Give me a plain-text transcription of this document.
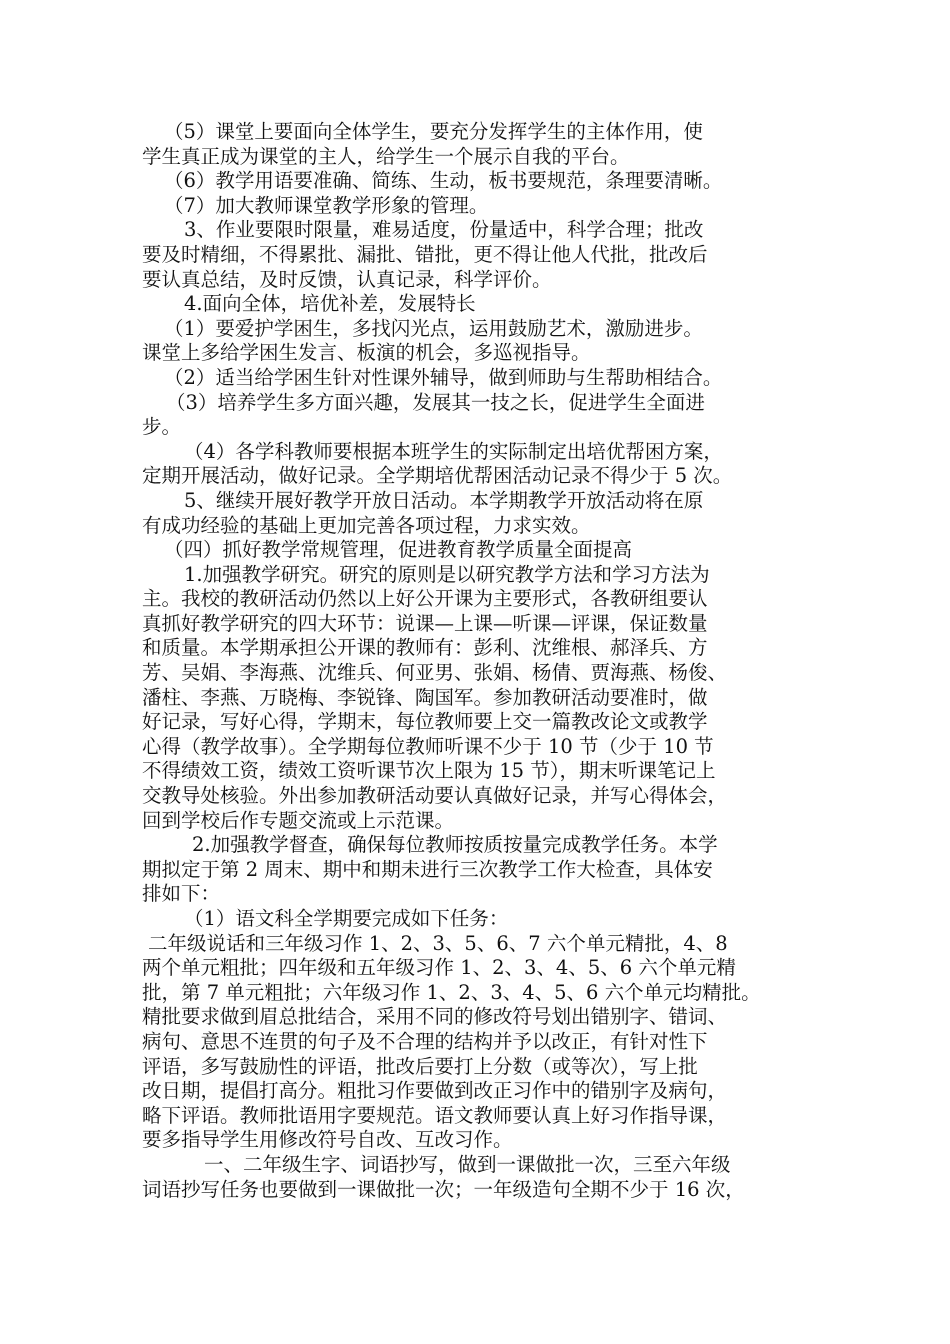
（5）课堂上要面向全体学生，要充分发挥学生的主体作用，使
学生真正成为课堂的主人，给学生一个展示自我的平台。
（6）教学用语要准确、简练、生动，板书要规范，条理要清晰。
（7）加大教师课堂教学形象的管理。
3、作业要限时限量，难易适度，份量适中，科学合理；批改
要及时精细，不得累批、漏批、错批，更不得让他人代批，批改后
要认真总结，及时反馈，认真记录，科学评价。
4.面向全体，培优补差，发展特长
（1）要爱护学困生，多找闪光点，运用鼓励艺术，激励进步。
课堂上多给学困生发言、板演的机会，多巡视指导。
（2）适当给学困生针对性课外辅导，做到师助与生帮助相结合。
（3）培养学生多方面兴趣，发展其一技之长，促进学生全面进
步。
（4）各学科教师要根据本班学生的实际制定出培优帮困方案，
定期开展活动，做好记录。全学期培优帮困活动记录不得少于 5 次。
5、继续开展好教学开放日活动。本学期教学开放活动将在原
有成功经验的基础上更加完善各项过程，力求实效。
（四）抓好教学常规管理，促进教育教学质量全面提高
1.加强教学研究。研究的原则是以研究教学方法和学习方法为
主。我校的教研活动仍然以上好公开课为主要形式，各教研组要认
真抓好教学研究的四大环节：说课—上课—听课—评课，保证数量
和质量。本学期承担公开课的教师有：彭利、沈维根、郝泽兵、方
芳、吴娟、李海燕、沈维兵、何亚男、张娟、杨倩、贾海燕、杨俊、
潘柱、李燕、万晓梅、李锐锋、陶国军。参加教研活动要准时，做
好记录，写好心得，学期末，每位教师要上交一篇教改论文或教学
心得（教学故事）。全学期每位教师听课不少于 10 节（少于 10 节
不得绩效工资，绩效工资听课节次上限为 15 节），期末听课笔记上
交教导处核验。外出参加教研活动要认真做好记录，并写心得体会，
回到学校后作专题交流或上示范课。
2.加强教学督查，确保每位教师按质按量完成教学任务。本学
期拟定于第 2 周末、期中和期未进行三次教学工作大检查，具体安
排如下：
（1）语文科全学期要完成如下任务：
二年级说话和三年级习作 1、2、3、5、6、7 六个单元精批，4、8
两个单元粗批；四年级和五年级习作 1、2、3、4、5、6 六个单元精
批，第 7 单元粗批；六年级习作 1、2、3、4、5、6 六个单元均精批。
精批要求做到眉总批结合，采用不同的修改符号划出错别字、错词、
病句、意思不连贯的句子及不合理的结构并予以改正，有针对性下
评语，多写鼓励性的评语，批改后要打上分数（或等次），写上批
改日期，提倡打高分。粗批习作要做到改正习作中的错别字及病句，
略下评语。教师批语用字要规范。语文教师要认真上好习作指导课，
要多指导学生用修改符号自改、互改习作。
一、二年级生字、词语抄写，做到一课做批一次，三至六年级
词语抄写任务也要做到一课做批一次；一年级造句全期不少于 16 次，
